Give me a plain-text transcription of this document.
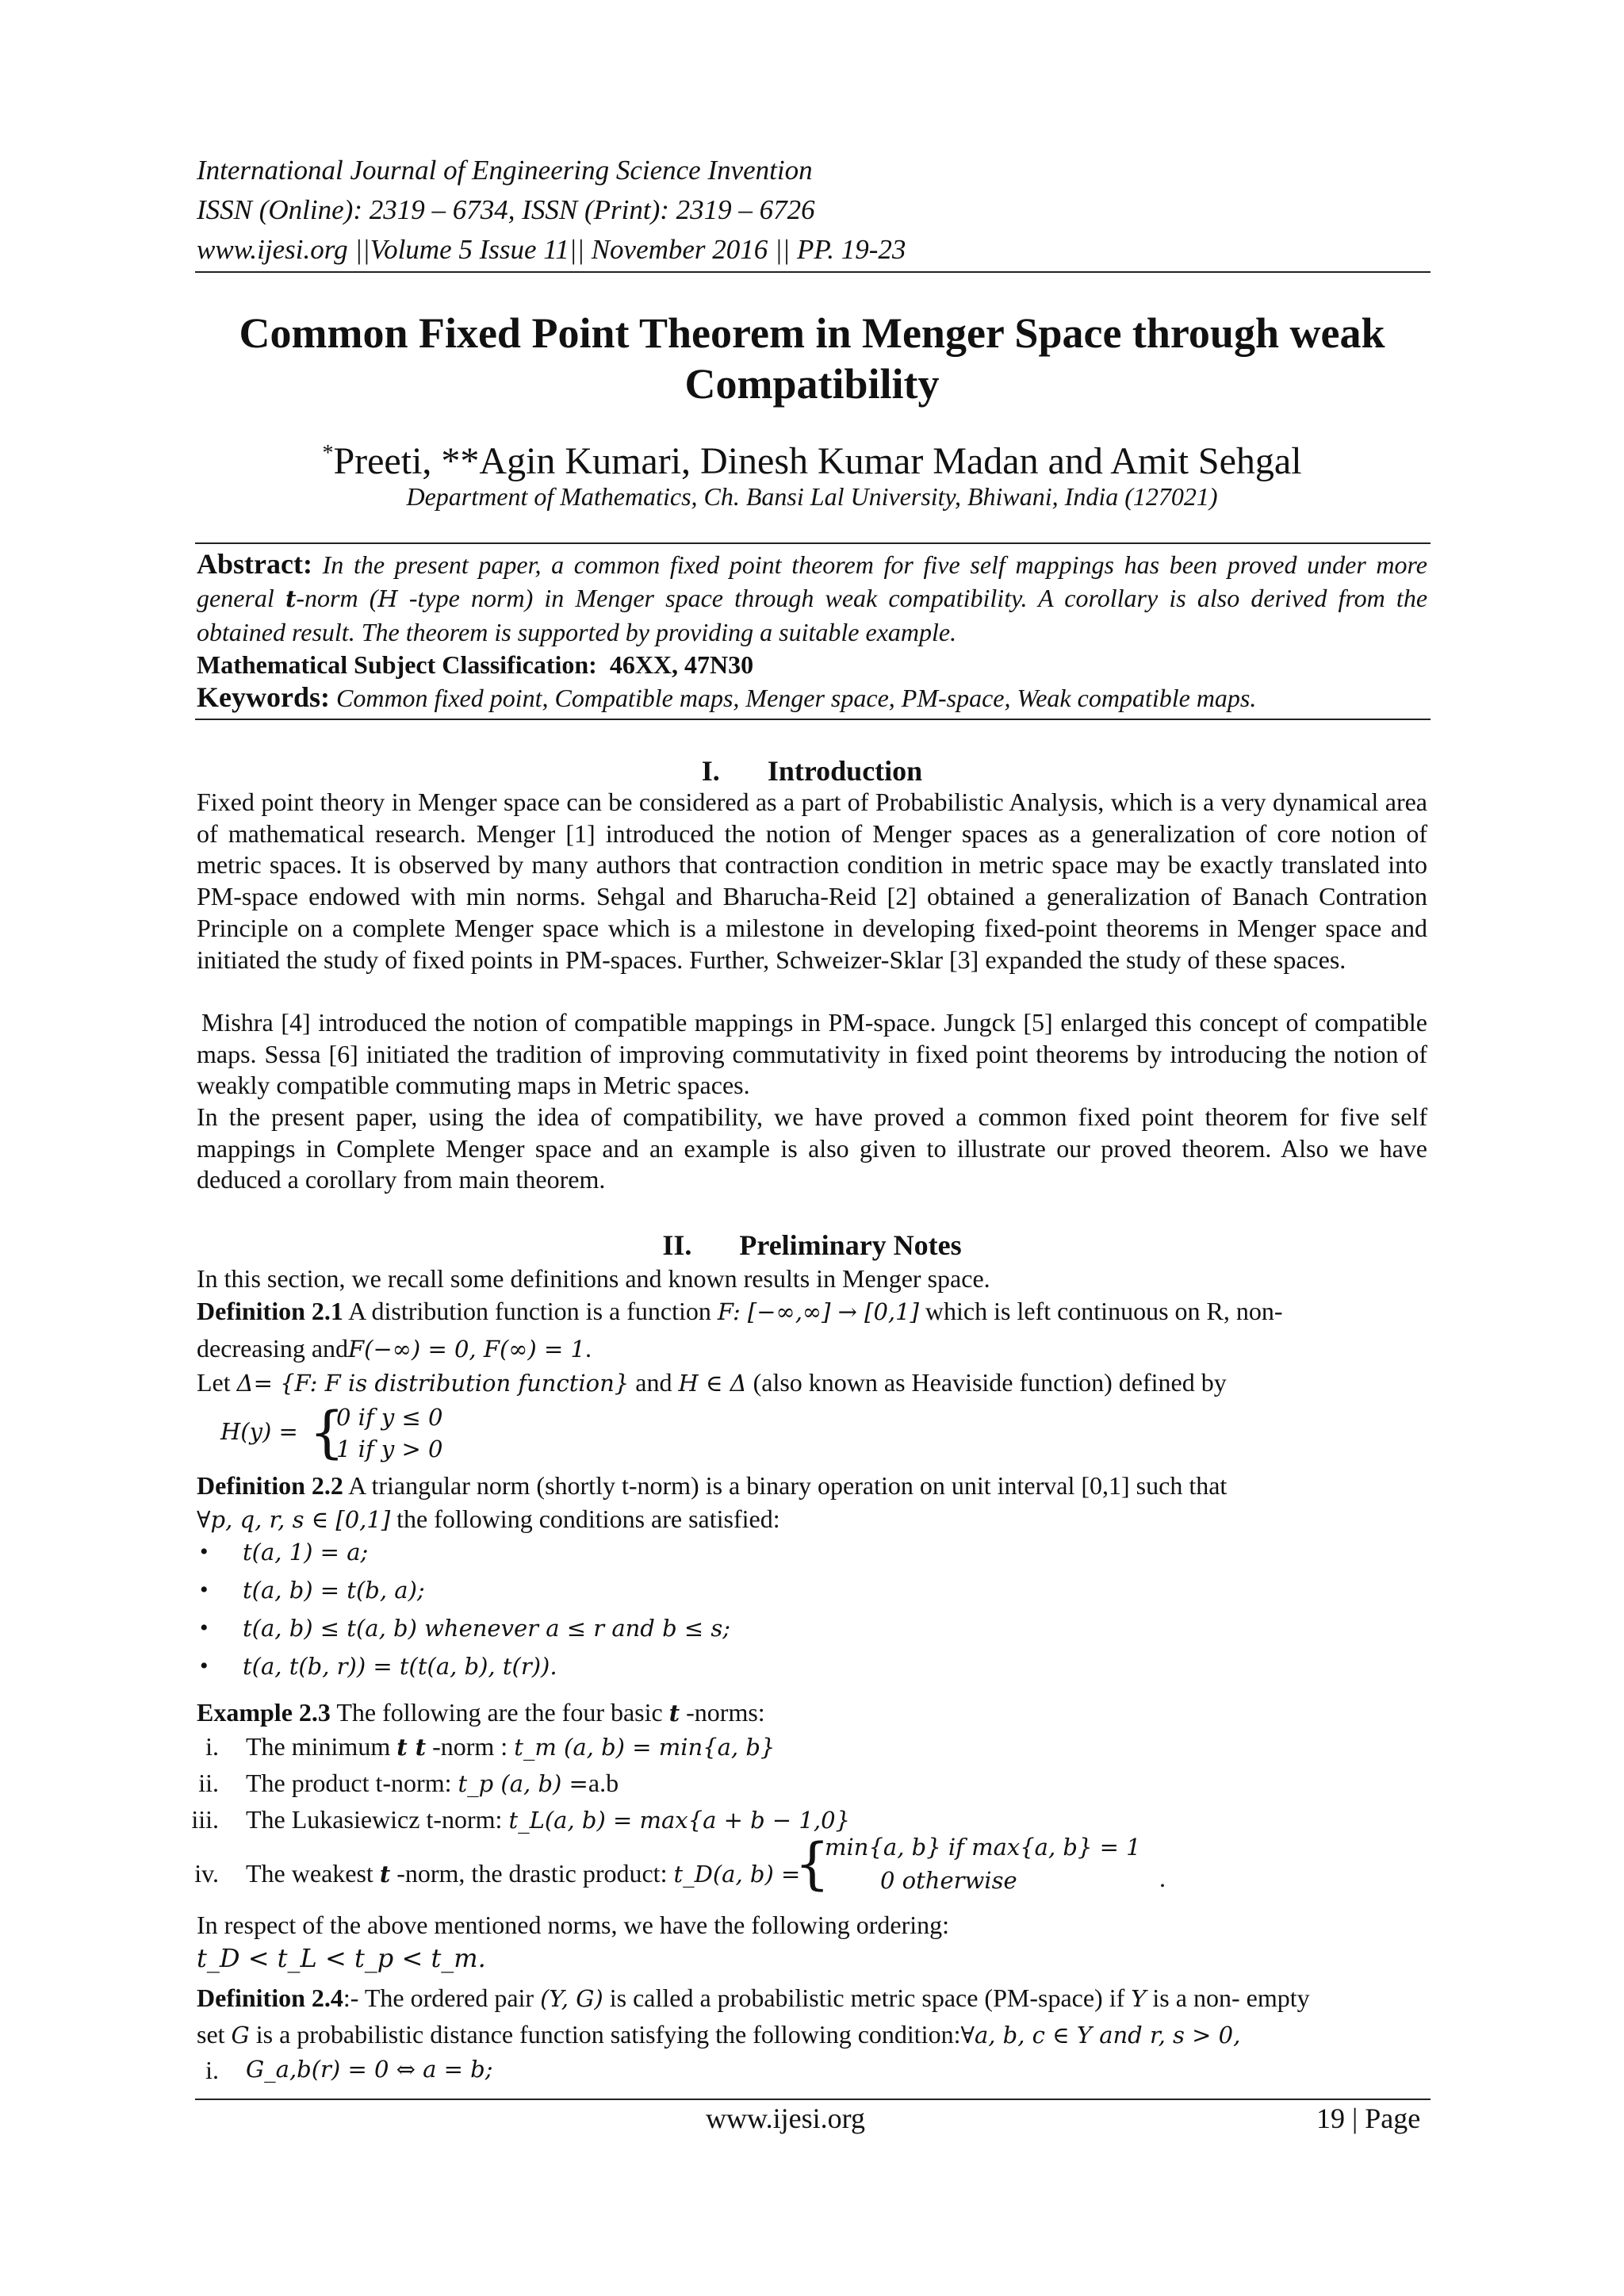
International Journal of Engineering Science Invention
ISSN (Online): 2319 – 6734, ISSN (Print): 2319 – 6726
www.ijesi.org ||Volume 5 Issue 11|| November 2016 || PP. 19-23
Common Fixed Point Theorem in Menger Space through weak Compatibility
*Preeti, **Agin Kumari, Dinesh Kumar Madan and Amit Sehgal
Department of Mathematics, Ch. Bansi Lal University, Bhiwani, India (127021)
Abstract: In the present paper, a common fixed point theorem for five self mappings has been proved under more general t-norm (H -type norm) in Menger space through weak compatibility. A corollary is also derived from the obtained result. The theorem is supported by providing a suitable example.
Mathematical Subject Classification: 46XX, 47N30
Keywords: Common fixed point, Compatible maps, Menger space, PM-space, Weak compatible maps.
I. Introduction
Fixed point theory in Menger space can be considered as a part of Probabilistic Analysis, which is a very dynamical area of mathematical research. Menger [1] introduced the notion of Menger spaces as a generalization of core notion of metric spaces. It is observed by many authors that contraction condition in metric space may be exactly translated into PM-space endowed with min norms. Sehgal and Bharucha-Reid [2] obtained a generalization of Banach Contration Principle on a complete Menger space which is a milestone in developing fixed-point theorems in Menger space and initiated the study of fixed points in PM-spaces. Further, Schweizer-Sklar [3] expanded the study of these spaces.
Mishra [4] introduced the notion of compatible mappings in PM-space. Jungck [5] enlarged this concept of compatible maps. Sessa [6] initiated the tradition of improving commutativity in fixed point theorems by introducing the notion of weakly compatible commuting maps in Metric spaces.
In the present paper, using the idea of compatibility, we have proved a common fixed point theorem for five self mappings in Complete Menger space and an example is also given to illustrate our proved theorem. Also we have deduced a corollary from main theorem.
II. Preliminary Notes
In this section, we recall some definitions and known results in Menger space.
Definition 2.1 A distribution function is a function F: [−∞,∞] → [0,1] which is left continuous on R, non-
decreasing andF(−∞) = 0, F(∞) = 1.
Let Δ= {F: F is distribution function} and H ∈ Δ (also known as Heaviside function) defined by
H(y) = {
0 if y ≤ 0
1 if y > 0
Definition 2.2 A triangular norm (shortly t-norm) is a binary operation on unit interval [0,1] such that
∀p, q, r, s ∈ [0,1] the following conditions are satisfied:
• t(a, 1) = a;
• t(a, b) = t(b, a);
• t(a, b) ≤ t(a, b) whenever a ≤ r and b ≤ s;
• t(a, t(b, r)) = t(t(a, b), t(r)).
Example 2.3 The following are the four basic t -norms:
i. The minimum t t -norm : t_m (a, b) = min{a, b}
ii. The product t-norm: t_p (a, b) =a.b
iii. The Lukasiewicz t-norm: t_L(a, b) = max{a + b − 1,0}
iv. The weakest t -norm, the drastic product: t_D(a, b) =
{
min{a, b} if max{a, b} = 1
0 otherwise	.
In respect of the above mentioned norms, we have the following ordering:
t_D < t_L < t_p < t_m.
Definition 2.4:- The ordered pair (Y, G) is called a probabilistic metric space (PM-space) if Y is a non- empty
set G is a probabilistic distance function satisfying the following condition:∀a, b, c ∈ Y and r, s > 0,
i. G_a,b(r) = 0 ⇔ a = b;
www.ijesi.org	19 | Page
